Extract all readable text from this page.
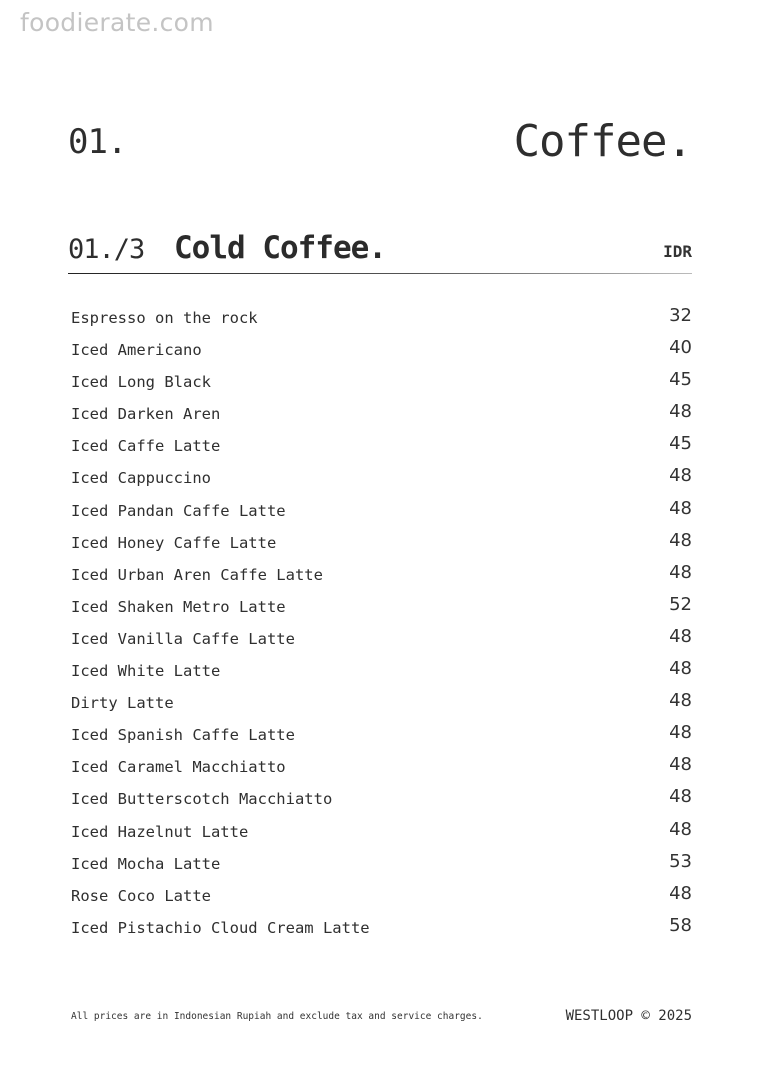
foodierate.com
01.	Coffee.
01./3 Cold Coffee.	IDR
Espresso on the rock	32
Iced Americano	40
Iced Long Black	45
Iced Darken Aren	48
Iced Caffe Latte	45
Iced Cappuccino	48
Iced Pandan Caffe Latte	48
Iced Honey Caffe Latte	48
Iced Urban Aren Caffe Latte	48
Iced Shaken Metro Latte	52
Iced Vanilla Caffe Latte	48
Iced White Latte	48
Dirty Latte	48
Iced Spanish Caffe Latte	48
Iced Caramel Macchiatto	48
Iced Butterscotch Macchiatto	48
Iced Hazelnut Latte	48
Iced Mocha Latte	53
Rose Coco Latte	48
Iced Pistachio Cloud Cream Latte	58
All prices are in Indonesian Rupiah and exclude tax and service charges.	WESTLOOP © 2025
